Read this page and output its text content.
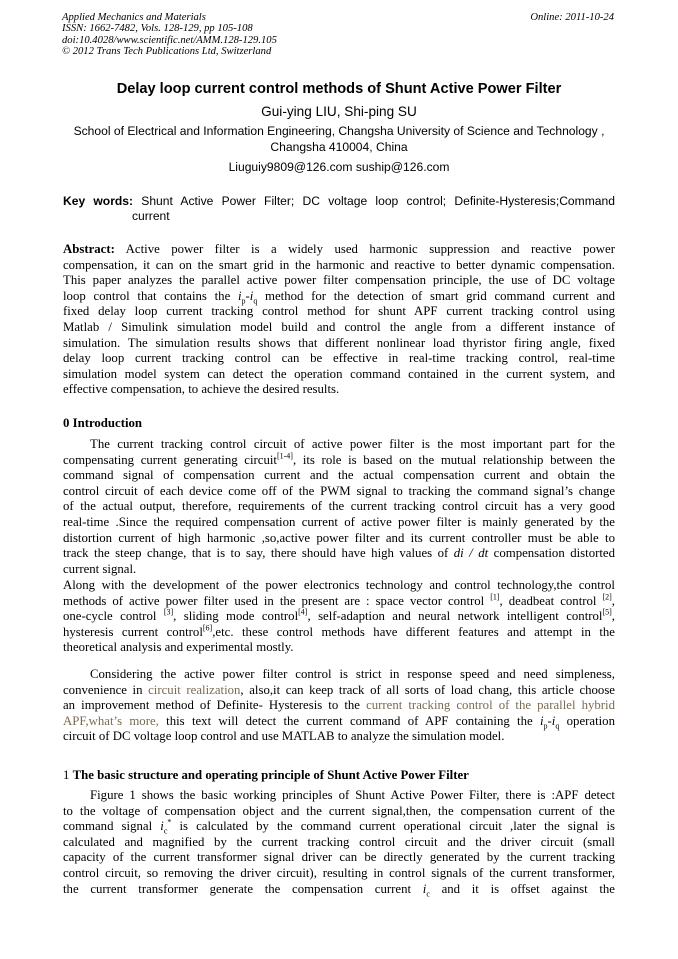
Applied Mechanics and Materials
ISSN: 1662-7482, Vols. 128-129, pp 105-108
doi:10.4028/www.scientific.net/AMM.128-129.105
© 2012 Trans Tech Publications Ltd, Switzerland
Online: 2011-10-24
Delay loop current control methods of Shunt Active Power Filter
Gui-ying LIU, Shi-ping SU
School of Electrical and Information Engineering, Changsha University of Science and Technology ,
Changsha 410004, China
Liuguiy9809@126.com suship@126.com
Key words: Shunt Active Power Filter; DC voltage loop control; Definite-Hysteresis;Command
current
Abstract: Active power filter is a widely used harmonic suppression and reactive power
compensation, it can on the smart grid in the harmonic and reactive to better dynamic compensation.
This paper analyzes the parallel active power filter compensation principle, the use of DC voltage
loop control that contains the $i_p-i_q$ method for the detection of smart grid command current and
fixed delay loop current tracking control method for shunt APF current tracking control using
Matlab / Simulink simulation model build and control the angle from a different instance of
simulation. The simulation results shows that different nonlinear load thyristor firing angle, fixed
delay loop current tracking control can be effective in real-time tracking control, real-time
simulation model system can detect the operation command contained in the current system, and
effective compensation, to achieve the desired results.
0 Introduction
The current tracking control circuit of active power filter is the most important part for the
compensating current generating circuit[1-4], its role is based on the mutual relationship between the
command signal of compensation current and the actual compensation current and obtain the
control circuit of each device come off of the PWM signal to tracking the command signal’s change
of the actual output, therefore, requirements of the current tracking control circuit has a very good
real-time .Since the required compensation current of active power filter is mainly generated by the
distortion current of high harmonic ,so,active power filter and its current controller must be able to
track the steep change, that is to say, there should have high values of di / dt compensation distorted
current signal.
Along with the development of the power electronics technology and control technology,the control
methods of active power filter used in the present are : space vector control [1], deadbeat control [2],
one-cycle control [3], sliding mode control[4], self-adaption and neural network intelligent control[5],
hysteresis current control[6],etc. these control methods have different features and attempt in the
theoretical analysis and experimental mostly.
Considering the active power filter control is strict in response speed and need simpleness,
convenience in circuit realization, also,it can keep track of all sorts of load chang, this article choose
an improvement method of Definite- Hysteresis to the current tracking control of the parallel hybrid
APF,what’s more, this text will detect the current command of APF containing the $i_p-i_q$ operation
circuit of DC voltage loop control and use MATLAB to analyze the simulation model.
1 The basic structure and operating principle of Shunt Active Power Filter
Figure 1 shows the basic working principles of Shunt Active Power Filter, there is :APF detect
to the voltage of compensation object and the current signal,then, the compensation current of the
command signal $i_c^*$ is calculated by the command current operational circuit ,later the signal is
calculated and magnified by the current tracking control circuit and the driver circuit (small
capacity of the current transformer signal driver can be directly generated by the current tracking
control circuit, so removing the driver circuit), resulting in control signals of the current transformer,
the current transformer generate the compensation current $i_c$ and it is offset against the
